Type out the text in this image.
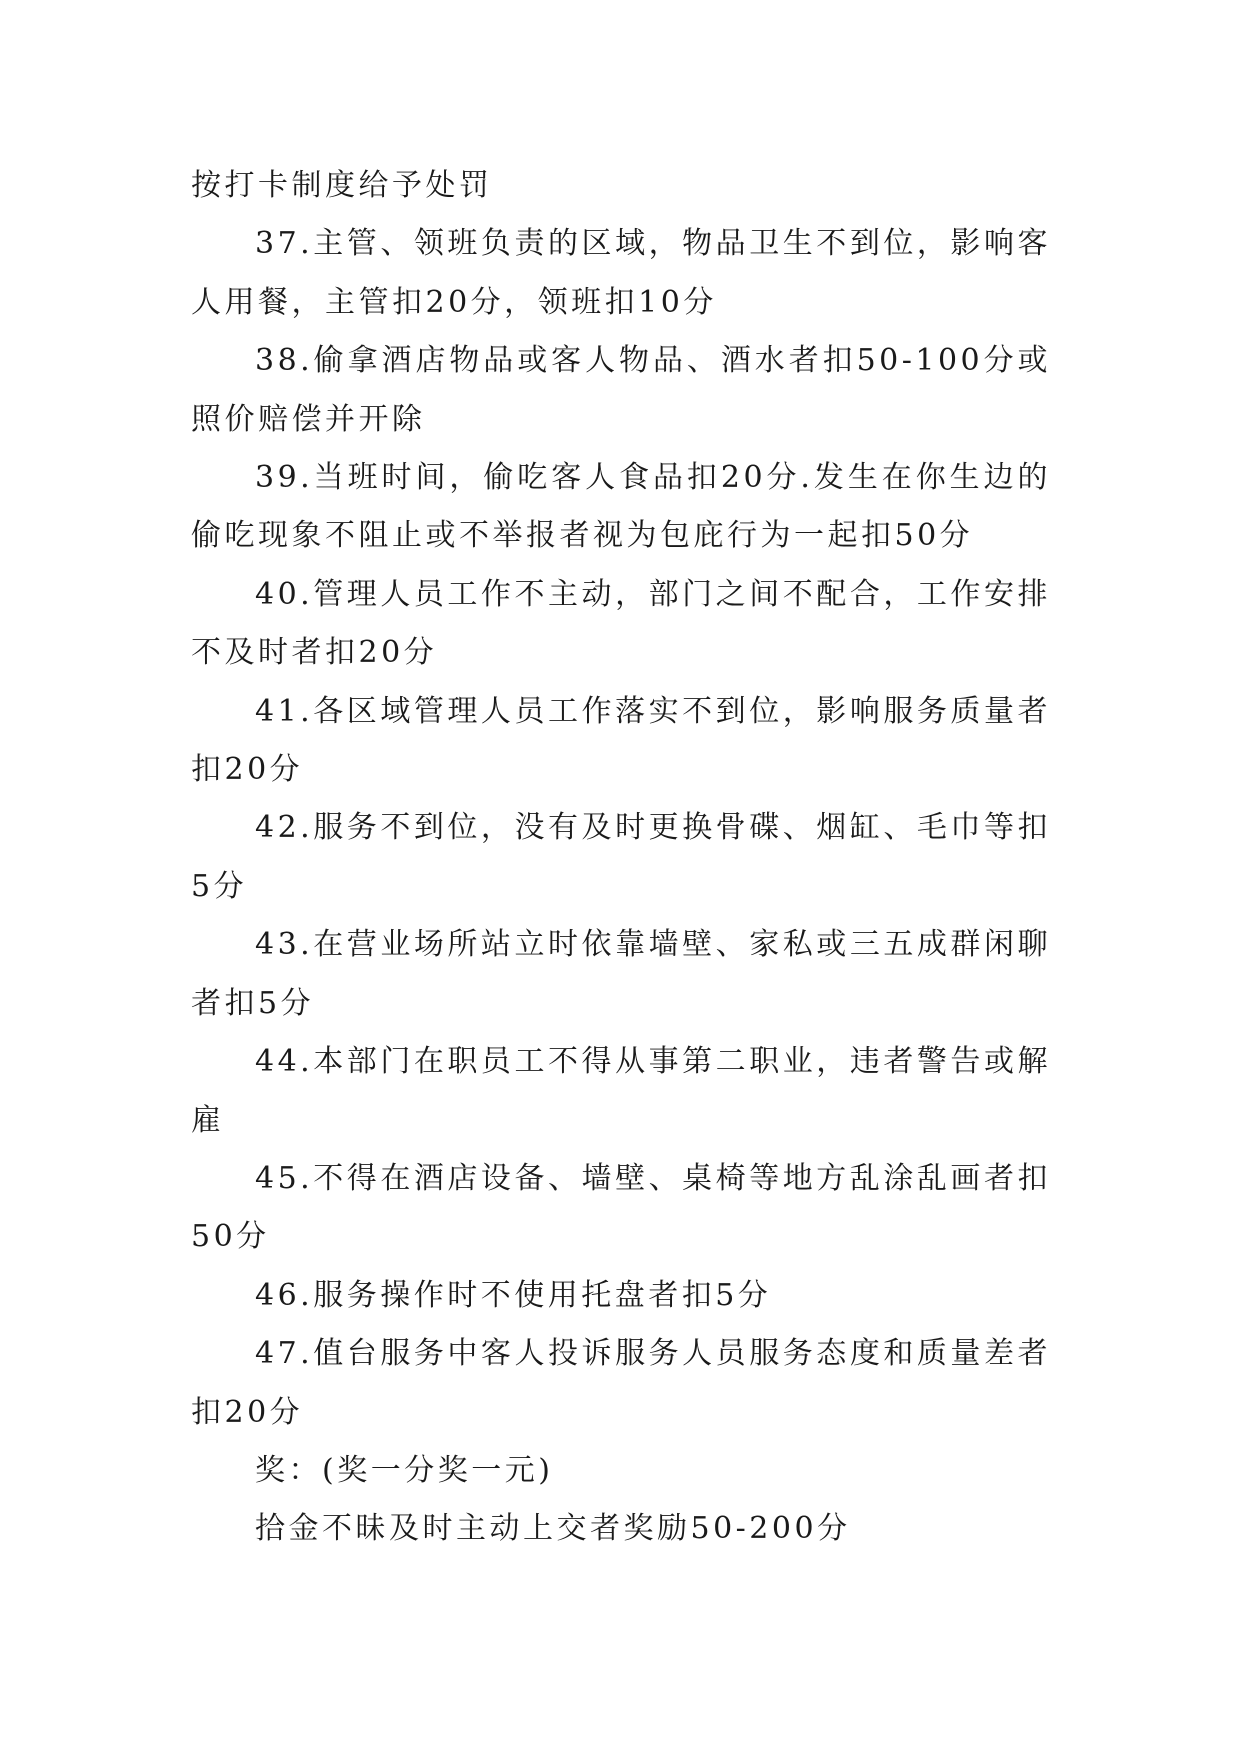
按打卡制度给予处罚

37.主管、领班负责的区域，物品卫生不到位，影响客人用餐，主管扣20分，领班扣10分

38.偷拿酒店物品或客人物品、酒水者扣50-100分或照价赔偿并开除

39.当班时间，偷吃客人食品扣20分.发生在你生边的偷吃现象不阻止或不举报者视为包庇行为一起扣50分

40.管理人员工作不主动，部门之间不配合，工作安排不及时者扣20分

41.各区域管理人员工作落实不到位，影响服务质量者扣20分

42.服务不到位，没有及时更换骨碟、烟缸、毛巾等扣5分

43.在营业场所站立时依靠墙壁、家私或三五成群闲聊者扣5分

44.本部门在职员工不得从事第二职业，违者警告或解雇

45.不得在酒店设备、墙壁、桌椅等地方乱涂乱画者扣50分

46.服务操作时不使用托盘者扣5分

47.值台服务中客人投诉服务人员服务态度和质量差者扣20分

奖：(奖一分奖一元)

拾金不昧及时主动上交者奖励50-200分
